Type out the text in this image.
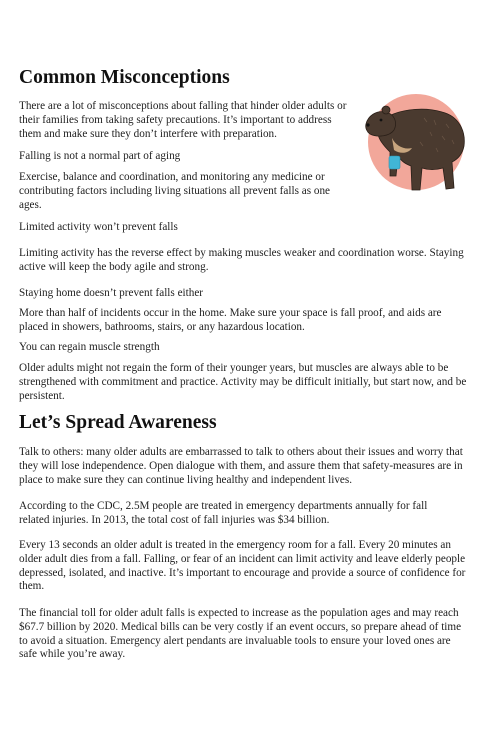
Common Misconceptions

There are a lot of misconceptions about falling that hinder older adults or their families from taking safety precautions. It’s important to address them and make sure they don’t interfere with preparation.

Falling is not a normal part of aging

Exercise, balance and coordination, and monitoring any medicine or contributing factors including living situations all prevent falls as one ages.

Limited activity won’t prevent falls

Limiting activity has the reverse effect by making muscles weaker and coordination worse. Staying active will keep the body agile and strong.

Staying home doesn’t prevent falls either

More than half of incidents occur in the home. Make sure your space is fall proof, and aids are placed in showers, bathrooms, stairs, or any hazardous location.

You can regain muscle strength

Older adults might not regain the form of their younger years, but muscles are always able to be strengthened with commitment and practice. Activity may be difficult initially, but start now, and be persistent.

Let’s Spread Awareness

Talk to others: many older adults are embarrassed to talk to others about their issues and worry that they will lose independence. Open dialogue with them, and assure them that safety-measures are in place to make sure they can continue living healthy and independent lives.

According to the CDC, 2.5M people are treated in emergency departments annually for fall related injuries. In 2013, the total cost of fall injuries was $34 billion.

Every 13 seconds an older adult is treated in the emergency room for a fall. Every 20 minutes an older adult dies from a fall. Falling, or fear of an incident can limit activity and leave elderly people depressed, isolated, and inactive. It’s important to encourage and provide a source of confidence for them.

The financial toll for older adult falls is expected to increase as the population ages and may reach $67.7 billion by 2020. Medical bills can be very costly if an event occurs, so prepare ahead of time to avoid a situation. Emergency alert pendants are invaluable tools to ensure your loved ones are safe while you’re away.
